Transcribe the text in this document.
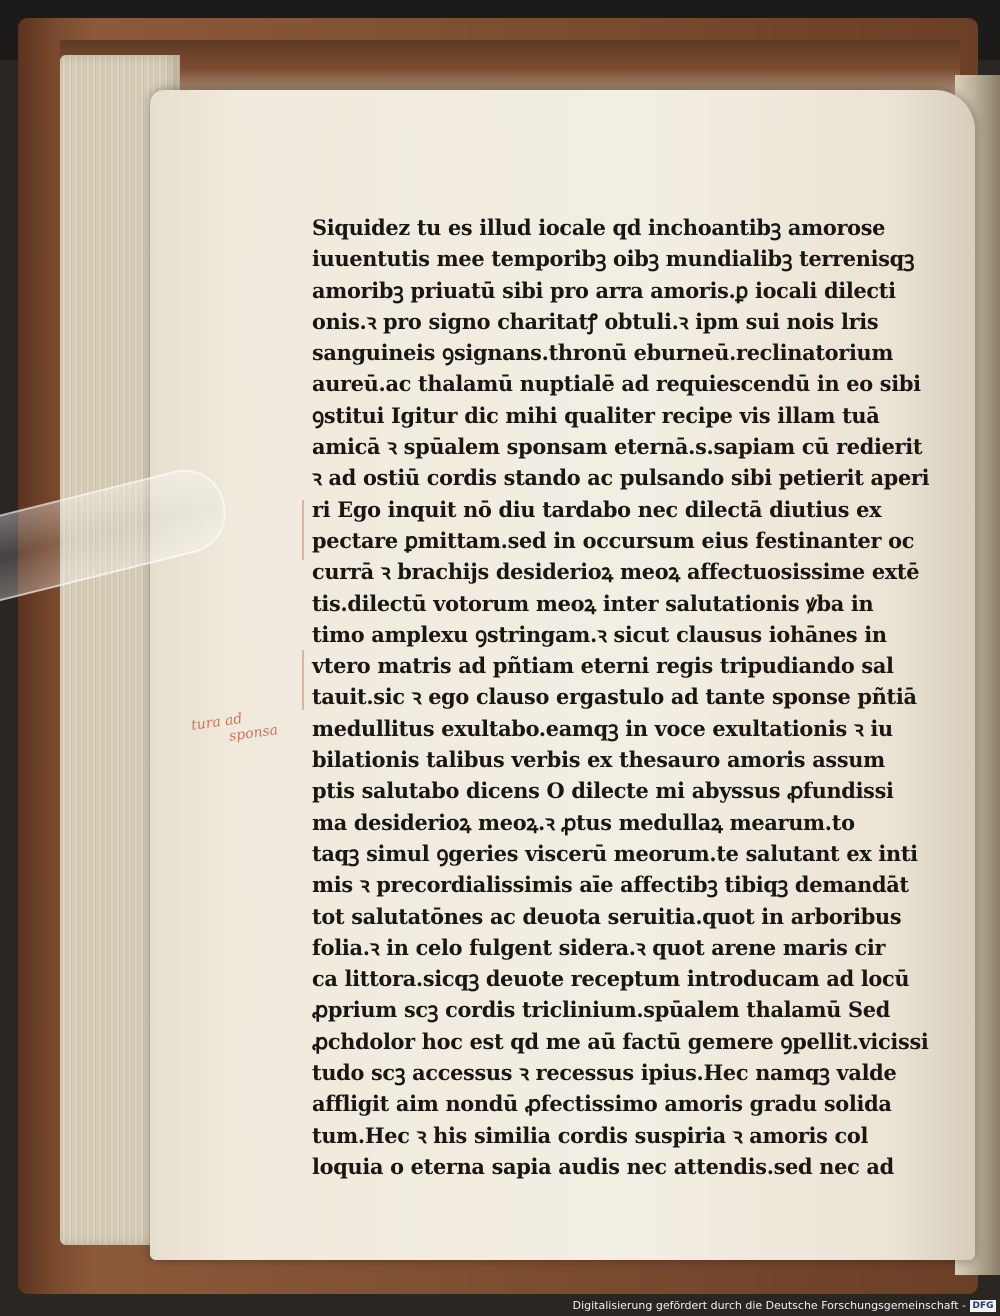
Siquidez tu es illud iocale qd inchoantibꝫ amorose
iuuentutis mee temporibꝫ oibꝫ mundialibꝫ terrenisqꝫ
amoribꝫ priuatū sibi pro arra amoris.ꝑ iocali dilecti
onis.ꝛ pro signo charitatꝭ obtuli.ꝛ ipm sui nois lris
sanguineis ꝯsignans.thronū eburneū.reclinatorium
aureū.ac thalamū nuptialē ad requiescendū in eo sibi
ꝯstitui Igitur dic mihi qualiter recipe vis illam tuā
amicā ꝛ spūalem sponsam eternā.s.sapiam cū redierit
ꝛ ad ostiū cordis stando ac pulsando sibi petierit aperi
ri Ego inquit nō diu tardabo nec dilectā diutius ex
pectare ꝑmittam.sed in occursum eius festinanter oc
currā ꝛ brachijs desiderioꝝ meoꝝ affectuosissime extē
tis.dilectū votorum meoꝝ inter salutationis ꝟba in
timo amplexu ꝯstringam.ꝛ sicut clausus iohānes in
vtero matris ad pñtiam eterni regis tripudiando sal
tauit.sic ꝛ ego clauso ergastulo ad tante sponse pñtiā
medullitus exultabo.eamqꝫ in voce exultationis ꝛ iu
bilationis talibus verbis ex thesauro amoris assum
ptis salutabo dicens O dilecte mi abyssus ꝓfundissi
ma desiderioꝝ meoꝝ.ꝛ ꝓtus medullaꝝ mearum.to
taqꝫ simul ꝯgeries viscerū meorum.te salutant ex inti
mis ꝛ precordialissimis aīe affectibꝫ tibiqꝫ demandāt
tot salutatōnes ac deuota seruitia.quot in arboribus
folia.ꝛ in celo fulgent sidera.ꝛ quot arene maris cir
ca littora.sicqꝫ deuote receptum introducam ad locū
ꝓprium scꝫ cordis triclinium.spūalem thalamū Sed
ꝓchdolor hoc est qd me aū factū gemere ꝯpellit.vicissi
tudo scꝫ accessus ꝛ recessus ipius.Hec namqꝫ valde
affligit aim nondū ꝓfectissimo amoris gradu solida
tum.Hec ꝛ his similia cordis suspiria ꝛ amoris col
loquia o eterna sapia audis nec attendis.sed nec ad
tura ad
sponsa
Digitalisierung gefördert durch die Deutsche Forschungsgemeinschaft - DFG
